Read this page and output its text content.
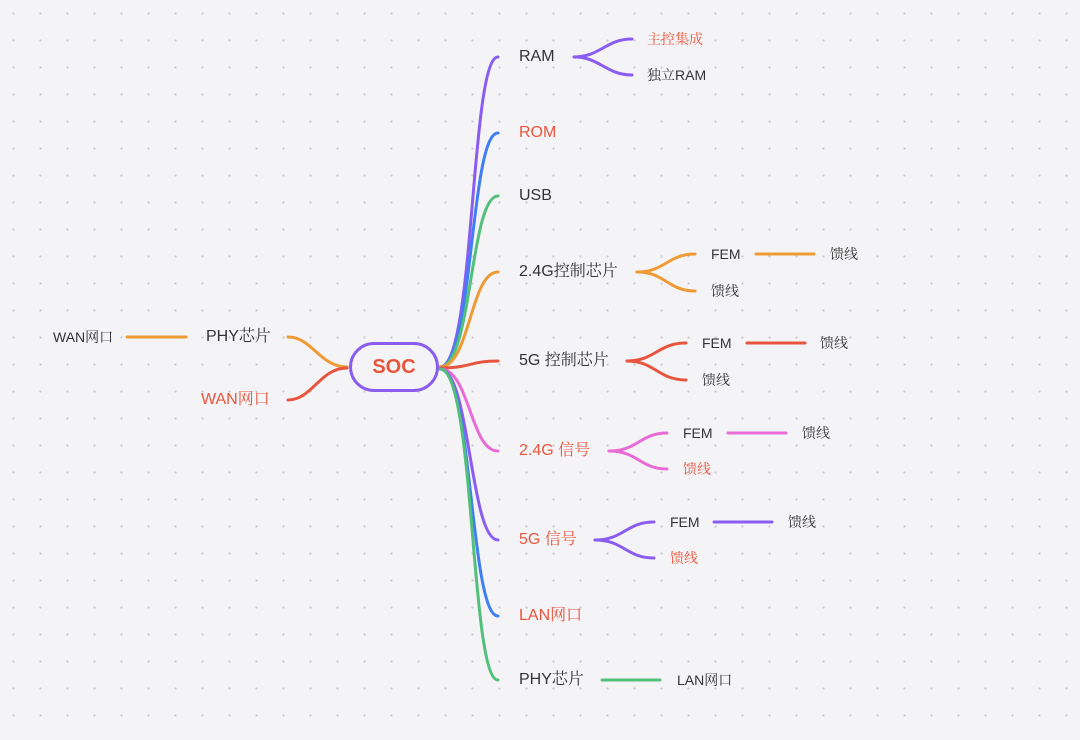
SOC
WAN网口	PHY芯片
WAN网口
RAM
主控集成
独立RAM
ROM
USB
2.4G控制芯片
FEM	馈线
馈线
5G 控制芯片
FEM	馈线
馈线
2.4G 信号
FEM	馈线
馈线
5G 信号
FEM	馈线
馈线
LAN网口
PHY芯片	LAN网口
